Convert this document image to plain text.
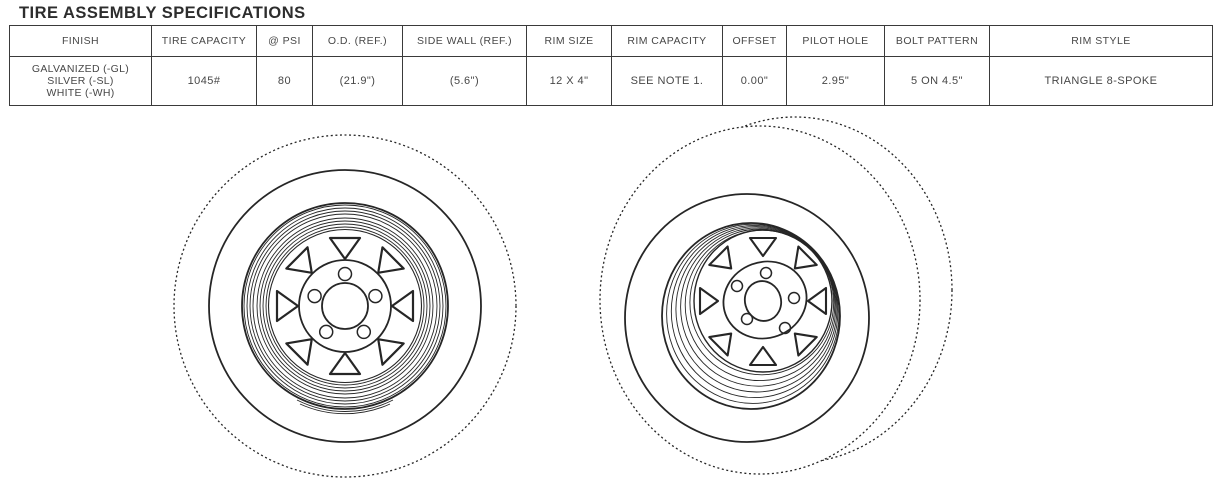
TIRE ASSEMBLY SPECIFICATIONS
FINISH	TIRE CAPACITY	@ PSI	O.D. (REF.)	SIDE WALL (REF.)	RIM SIZE	RIM CAPACITY	OFFSET	PILOT HOLE	BOLT PATTERN	RIM STYLE

GALVANIZED (-GL)
SILVER (-SL)
WHITE (-WH)	1045#	80	(21.9")	(5.6")	12 X 4"	SEE NOTE 1.	0.00"	2.95"	5 ON 4.5"	TRIANGLE 8-SPOKE
